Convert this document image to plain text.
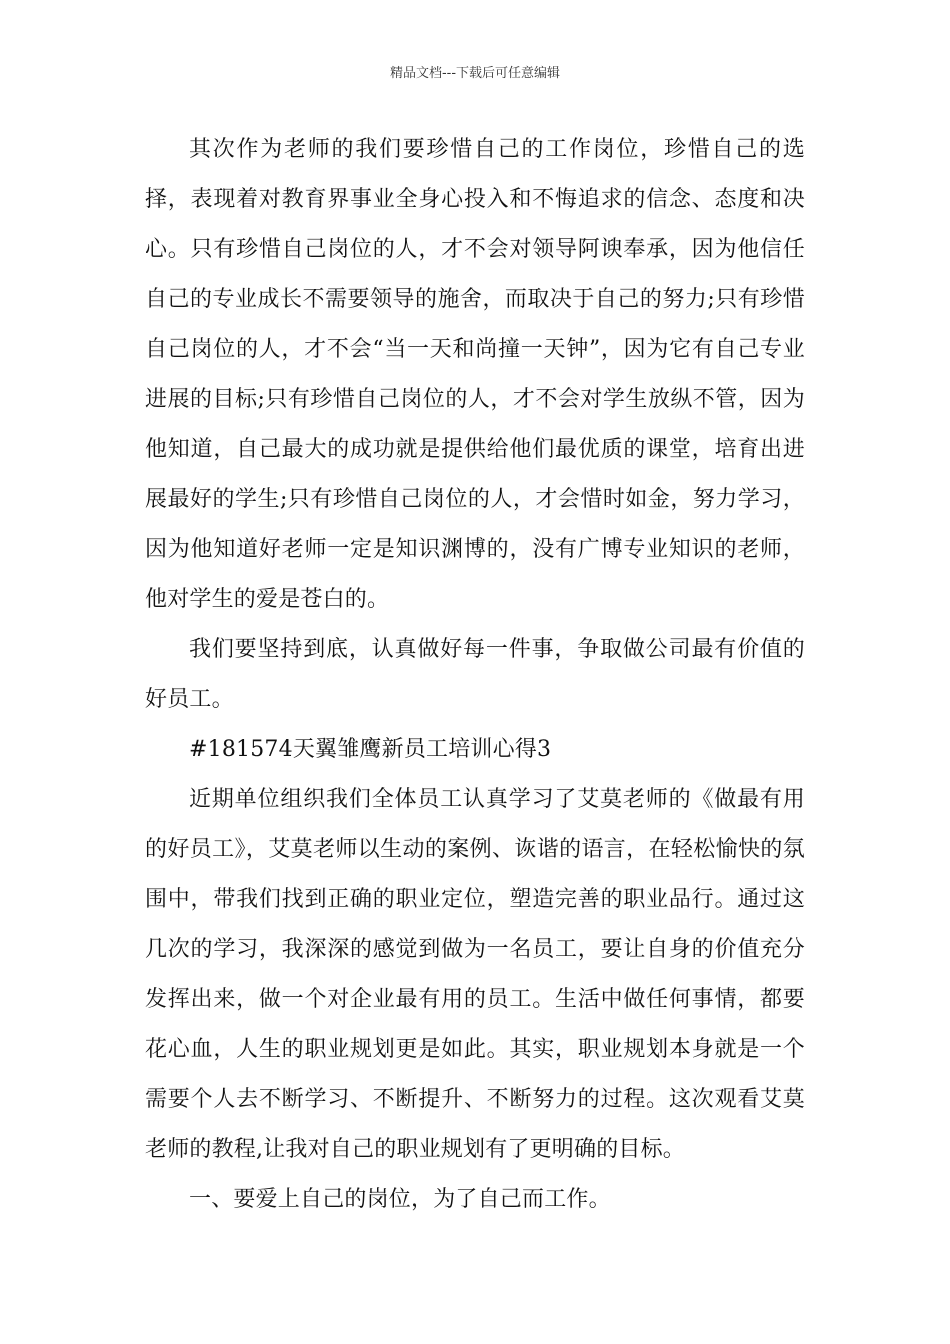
精品文档---下载后可任意编辑

其次作为老师的我们要珍惜自己的工作岗位，珍惜自己的选择，表现着对教育界事业全身心投入和不悔追求的信念、态度和决心。只有珍惜自己岗位的人，才不会对领导阿谀奉承，因为他信任自己的专业成长不需要领导的施舍，而取决于自己的努力;只有珍惜自己岗位的人，才不会“当一天和尚撞一天钟”，因为它有自己专业进展的目标;只有珍惜自己岗位的人，才不会对学生放纵不管，因为他知道，自己最大的成功就是提供给他们最优质的课堂，培育出进展最好的学生;只有珍惜自己岗位的人，才会惜时如金，努力学习，因为他知道好老师一定是知识渊博的，没有广博专业知识的老师，他对学生的爱是苍白的。

我们要坚持到底，认真做好每一件事，争取做公司最有价值的好员工。

#181574天翼雏鹰新员工培训心得3

近期单位组织我们全体员工认真学习了艾莫老师的《做最有用的好员工》，艾莫老师以生动的案例、诙谐的语言，在轻松愉快的氛围中，带我们找到正确的职业定位，塑造完善的职业品行。通过这几次的学习，我深深的感觉到做为一名员工，要让自身的价值充分发挥出来，做一个对企业最有用的员工。生活中做任何事情，都要花心血，人生的职业规划更是如此。其实，职业规划本身就是一个需要个人去不断学习、不断提升、不断努力的过程。这次观看艾莫老师的教程,让我对自己的职业规划有了更明确的目标。

一、要爱上自己的岗位，为了自己而工作。
